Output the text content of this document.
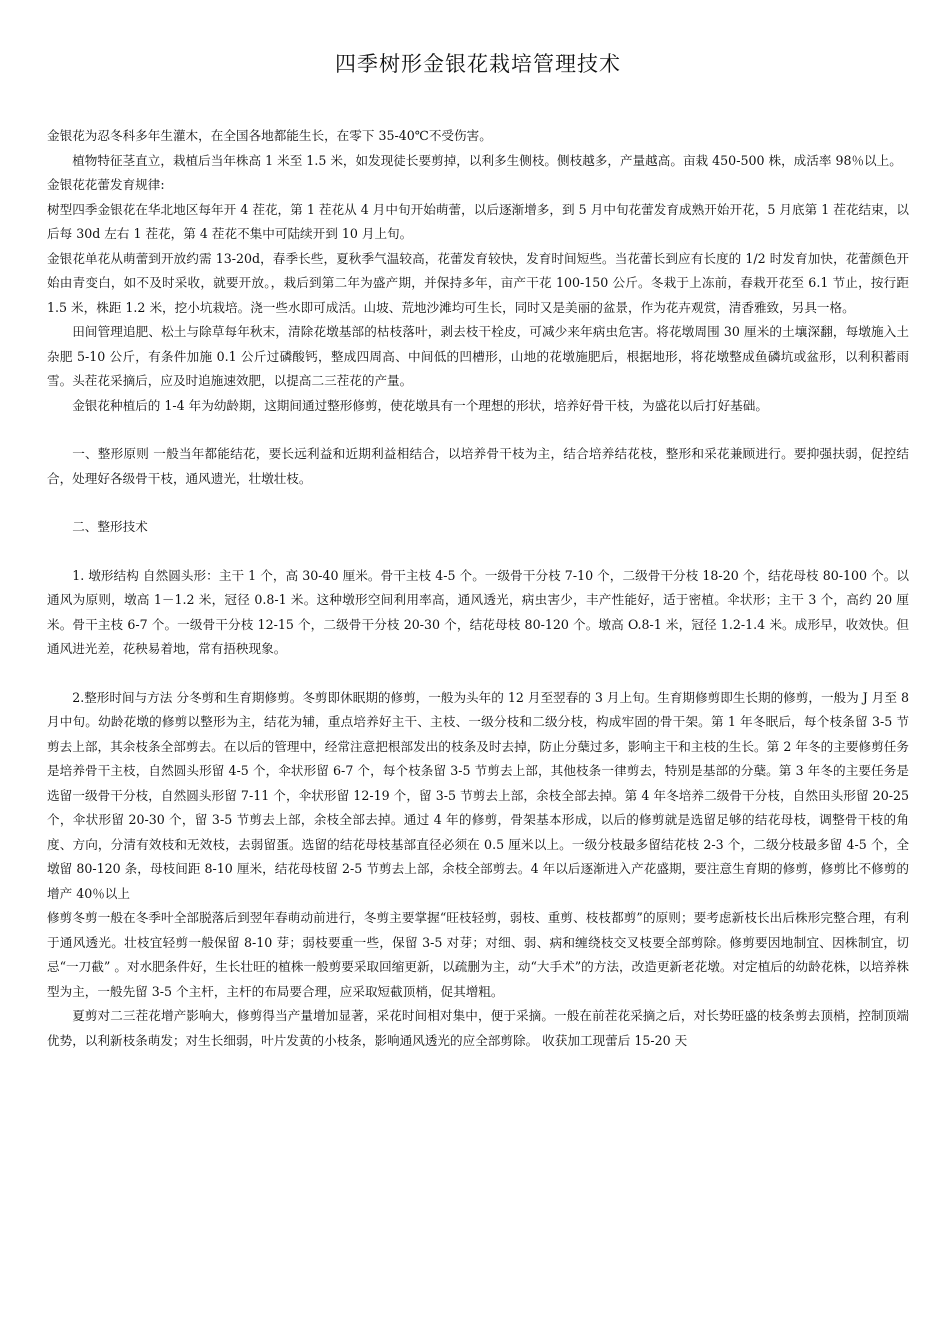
四季树形金银花栽培管理技术

金银花为忍冬科多年生灌木，在全国各地都能生长，在零下 35-40℃不受伤害。

植物特征茎直立，栽植后当年株高 1 米至 1.5 米，如发现徒长要剪掉，以利多生侧枝。侧枝越多，产量越高。亩栽 450-500 株，成活率 98％以上。

金银花花蕾发育规律:

树型四季金银花在华北地区每年开 4 茬花，第 1 茬花从 4 月中旬开始萌蕾，以后逐渐增多，到 5 月中旬花蕾发育成熟开始开花，5 月底第 1 茬花结束，以后每 30d 左右 1 茬花，第 4 茬花不集中可陆续开到 10 月上旬。

金银花单花从萌蕾到开放约需 13-20d，春季长些，夏秋季气温较高，花蕾发育较快，发育时间短些。当花蕾长到应有长度的 1/2 时发育加快，花蕾颜色开始由青变白，如不及时采收，就要开放。，栽后到第二年为盛产期，并保持多年，亩产干花 100-150 公斤。冬栽于上冻前，春栽开花至 6.1 节止，按行距 1.5 米，株距 1.2 米，挖小坑栽培。浇一些水即可成活。山坡、荒地沙滩均可生长，同时又是美丽的盆景，作为花卉观赏，清香雅致，另具一格。

田间管理追肥、松土与除草每年秋末，清除花墩基部的枯枝落叶，剥去枝干栓皮，可减少来年病虫危害。将花墩周围 30 厘米的土壤深翻，每墩施入土杂肥 5-10 公斤，有条件加施 0.1 公斤过磷酸钙，整成四周高、中间低的凹槽形，山地的花墩施肥后，根据地形，将花墩整成鱼磷坑或盆形，以利积蓄雨雪。头茬花采摘后，应及时追施速效肥，以提高二三茬花的产量。

金银花种植后的 1-4 年为幼龄期，这期间通过整形修剪，使花墩具有一个理想的形状，培养好骨干枝，为盛花以后打好基础。

一、整形原则 一般当年都能结花，要长远利益和近期利益相结合，以培养骨干枝为主，结合培养结花枝，整形和采花兼顾进行。要抑强扶弱，促控结合，处理好各级骨干枝，通风遗光，壮墩壮枝。

二、整形技术

1. 墩形结构 自然圆头形：主干 1 个，高 30-40 厘米。骨干主枝 4-5 个。一级骨干分枝 7-10 个，二级骨干分枝 18-20 个，结花母枝 80-100 个。以通风为原则，墩高 1－1.2 米，冠径 0.8-1 米。这种墩形空间利用率高，通风透光，病虫害少，丰产性能好，适于密植。伞状形；主干 3 个，高约 20 厘米。骨干主枝 6-7 个。一级骨干分枝 12-15 个，二级骨干分枝 20-30 个，结花母枝 80-120 个。墩高 O.8-1 米，冠径 1.2-1.4 米。成形早，收效快。但通风进光差，花秧易着地，常有捂秧现象。

2.整形时间与方法 分冬剪和生育期修剪。冬剪即休眠期的修剪，一般为头年的 12 月至翌春的 3 月上旬。生育期修剪即生长期的修剪，一般为 J 月至 8 月中旬。幼龄花墩的修剪以整形为主，结花为辅，重点培养好主干、主枝、一级分枝和二级分枝，构成牢固的骨干架。第 1 年冬眠后，每个枝条留 3-5 节剪去上部，其余枝条全部剪去。在以后的管理中，经常注意把根部发出的枝条及时去掉，防止分蘖过多，影响主干和主枝的生长。第 2 年冬的主要修剪任务是培养骨干主枝，自然圆头形留 4-5 个，伞状形留 6-7 个，每个枝条留 3-5 节剪去上部，其他枝条一律剪去，特别是基部的分蘖。第 3 年冬的主要任务是选留一级骨干分枝，自然圆头形留 7-11 个，伞状形留 12-19 个，留 3-5 节剪去上部，余枝全部去掉。第 4 年冬培养二级骨干分枝，自然田头形留 20-25 个，伞状形留 20-30 个，留 3-5 节剪去上部，余枝全部去掉。通过 4 年的修剪，骨架基本形成，以后的修剪就是选留足够的结花母枝，调整骨干枝的角度、方向，分清有效枝和无效枝，去弱留蛋。选留的结花母枝基部直径必须在 0.5 厘米以上。一级分枝最多留结花枝 2-3 个，二级分枝最多留 4-5 个，全墩留 80-120 条，母枝间距 8-10 厘米，结花母枝留 2-5 节剪去上部，余枝全部剪去。4 年以后逐渐进入产花盛期，要注意生育期的修剪，修剪比不修剪的增产 40％以上

修剪冬剪一般在冬季叶全部脱落后到翌年春萌动前进行，冬剪主要掌握“旺枝轻剪，弱枝、重剪、枝枝都剪”的原则；要考虑新枝长出后株形完整合理，有利于通风透光。壮枝宜轻剪一般保留 8-10 芽；弱枝要重一些，保留 3-5 对芽；对细、弱、病和缠绕枝交叉枝要全部剪除。修剪要因地制宜、因株制宜，切忌“一刀截” 。对水肥条件好，生长壮旺的植株一般剪要采取回缩更新，以疏删为主，动“大手术”的方法，改造更新老花墩。对定植后的幼龄花株，以培养株型为主，一般先留 3-5 个主杆，主杆的布局要合理，应采取短截顶梢，促其增粗。

夏剪对二三茬花增产影响大，修剪得当产量增加显著，采花时间相对集中，便于采摘。一般在前茬花采摘之后，对长势旺盛的枝条剪去顶梢，控制顶端优势，以利新枝条萌发；对生长细弱，叶片发黄的小枝条，影响通风透光的应全部剪除。 收获加工现蕾后 15-20 天
